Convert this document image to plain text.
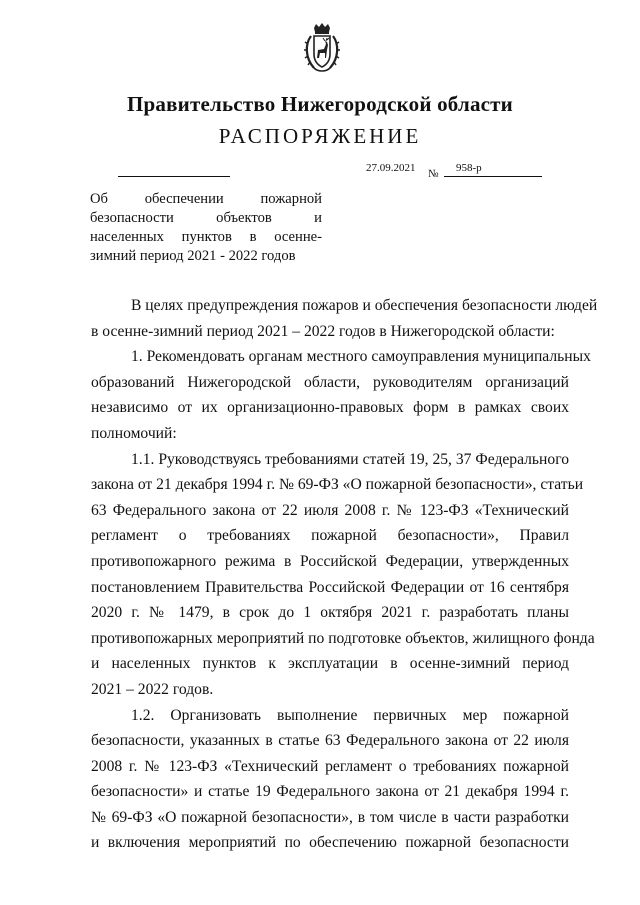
Правительство Нижегородской области
РАСПОРЯЖЕНИЕ
27.09.2021 № 958-р
Об обеспечении пожарной
безопасности объектов и
населенных пунктов в осенне-
зимний период 2021 - 2022 годов
В целях предупреждения пожаров и обеспечения безопасности людей
в осенне-зимний период 2021 – 2022 годов в Нижегородской области:
1. Рекомендовать органам местного самоуправления муниципальных
образований Нижегородской области, руководителям организаций
независимо от их организационно-правовых форм в рамках своих
полномочий:
1.1. Руководствуясь требованиями статей 19, 25, 37 Федерального
закона от 21 декабря 1994 г. № 69-ФЗ «О пожарной безопасности», статьи
63 Федерального закона от 22 июля 2008 г. № 123-ФЗ «Технический
регламент о требованиях пожарной безопасности», Правил
противопожарного режима в Российской Федерации, утвержденных
постановлением Правительства Российской Федерации от 16 сентября
2020 г. № 1479, в срок до 1 октября 2021 г. разработать планы
противопожарных мероприятий по подготовке объектов, жилищного фонда
и населенных пунктов к эксплуатации в осенне-зимний период
2021 – 2022 годов.
1.2. Организовать выполнение первичных мер пожарной
безопасности, указанных в статье 63 Федерального закона от 22 июля
2008 г. № 123-ФЗ «Технический регламент о требованиях пожарной
безопасности» и статье 19 Федерального закона от 21 декабря 1994 г.
№ 69-ФЗ «О пожарной безопасности», в том числе в части разработки
и включения мероприятий по обеспечению пожарной безопасности
